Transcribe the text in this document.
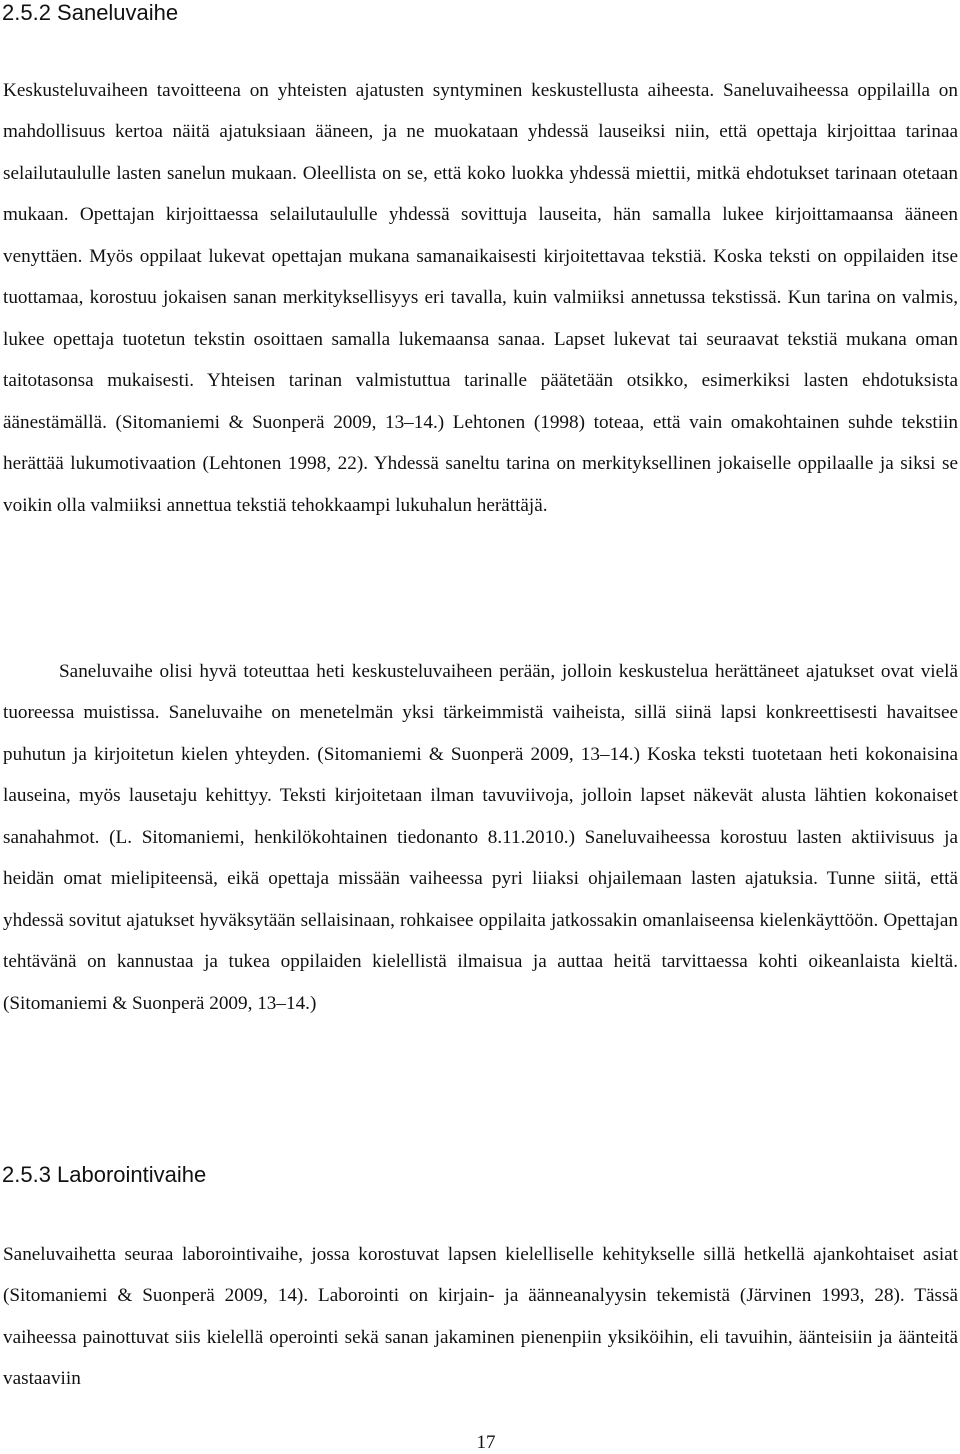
2.5.2 Saneluvaihe

Keskusteluvaiheen tavoitteena on yhteisten ajatusten syntyminen keskustellusta aiheesta. Saneluvaiheessa oppilailla on mahdollisuus kertoa näitä ajatuksiaan ääneen, ja ne muokataan yhdessä lauseiksi niin, että opettaja kirjoittaa tarinaa selailutaululle lasten sanelun mukaan. Oleellista on se, että koko luokka yhdessä miettii, mitkä ehdotukset tarinaan otetaan mukaan. Opettajan kirjoittaessa selailutaululle yhdessä sovittuja lauseita, hän samalla lukee kirjoittamaansa ääneen venyttäen. Myös oppilaat lukevat opettajan mukana samanaikaisesti kirjoitettavaa tekstiä. Koska teksti on oppilaiden itse tuottamaa, korostuu jokaisen sanan merkityksellisyys eri tavalla, kuin valmiiksi annetussa tekstissä. Kun tarina on valmis, lukee opettaja tuotetun tekstin osoittaen samalla lukemaansa sanaa. Lapset lukevat tai seuraavat tekstiä mukana oman taitotasonsa mukaisesti. Yhteisen tarinan valmistuttua tarinalle päätetään otsikko, esimerkiksi lasten ehdotuksista äänestämällä. (Sitomaniemi & Suonperä 2009, 13–14.) Lehtonen (1998) toteaa, että vain omakohtainen suhde tekstiin herättää lukumotivaation (Lehtonen 1998, 22). Yhdessä saneltu tarina on merkityksellinen jokaiselle oppilaalle ja siksi se voikin olla valmiiksi annettua tekstiä tehokkaampi lukuhalun herättäjä.

Saneluvaihe olisi hyvä toteuttaa heti keskusteluvaiheen perään, jolloin keskustelua herättäneet ajatukset ovat vielä tuoreessa muistissa. Saneluvaihe on menetelmän yksi tärkeimmistä vaiheista, sillä siinä lapsi konkreettisesti havaitsee puhutun ja kirjoitetun kielen yhteyden. (Sitomaniemi & Suonperä 2009, 13–14.) Koska teksti tuotetaan heti kokonaisina lauseina, myös lausetaju kehittyy. Teksti kirjoitetaan ilman tavuviivoja, jolloin lapset näkevät alusta lähtien kokonaiset sanahahmot. (L. Sitomaniemi, henkilökohtainen tiedonanto 8.11.2010.) Saneluvaiheessa korostuu lasten aktiivisuus ja heidän omat mielipiteensä, eikä opettaja missään vaiheessa pyri liiaksi ohjailemaan lasten ajatuksia. Tunne siitä, että yhdessä sovitut ajatukset hyväksytään sellaisinaan, rohkaisee oppilaita jatkossakin omanlaiseensa kielenkäyttöön. Opettajan tehtävänä on kannustaa ja tukea oppilaiden kielellistä ilmaisua ja auttaa heitä tarvittaessa kohti oikeanlaista kieltä. (Sitomaniemi & Suonperä 2009, 13–14.)

2.5.3 Laborointivaihe

Saneluvaihetta seuraa laborointivaihe, jossa korostuvat lapsen kielelliselle kehitykselle sillä hetkellä ajankohtaiset asiat (Sitomaniemi & Suonperä 2009, 14). Laborointi on kirjain- ja äänneanalyysin tekemistä (Järvinen 1993, 28). Tässä vaiheessa painottuvat siis kielellä operointi sekä sanan jakaminen pienenpiin yksiköihin, eli tavuihin, äänteisiin ja äänteitä vastaaviin

17
